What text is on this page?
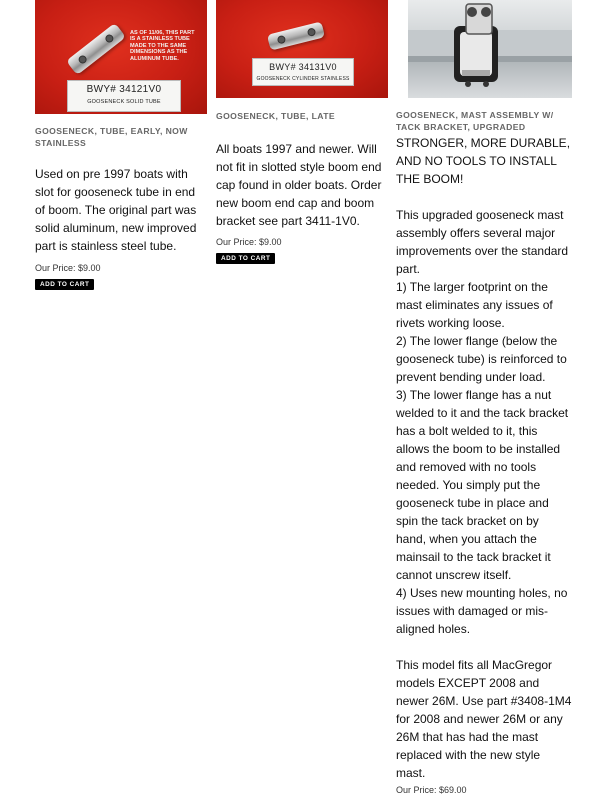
AS OF 11/06, THIS PART IS A STAINLESS TUBE MADE TO THE SAME DIMENSIONS AS THE ALUMINUM TUBE.
BWY# 34121V0
GOOSENECK SOLID TUBE
GOOSENECK, TUBE, EARLY, NOW STAINLESS
Used on pre 1997 boats with slot for gooseneck tube in end of boom. The original part was solid aluminum, new improved part is stainless steel tube.
Our Price: $9.00
ADD TO CART
BWY# 34131V0
GOOSENECK CYLINDER STAINLESS
GOOSENECK, TUBE, LATE
All boats 1997 and newer. Will not fit in slotted style boom end cap found in older boats. Order new boom end cap and boom bracket see part 3411-1V0.
Our Price: $9.00
ADD TO CART
GOOSENECK, MAST ASSEMBLY W/ TACK BRACKET, UPGRADED

STRONGER, MORE DURABLE, AND NO TOOLS TO INSTALL THE BOOM!

This upgraded gooseneck mast assembly offers several major improvements over the standard part.

1) The larger footprint on the mast eliminates any issues of rivets working loose.

2) The lower flange (below the gooseneck tube) is reinforced to prevent bending under load.

3) The lower flange has a nut welded to it and the tack bracket has a bolt welded to it, this allows the boom to be installed and removed with no tools needed. You simply put the gooseneck tube in place and spin the tack bracket on by hand, when you attach the mainsail to the tack bracket it cannot unscrew itself.

4) Uses new mounting holes, no issues with damaged or mis-aligned holes.

This model fits all MacGregor models EXCEPT 2008 and newer 26M. Use part #3408-1M4 for 2008 and newer 26M or any 26M that has had the mast replaced with the new style mast.

Our Price: $69.00
